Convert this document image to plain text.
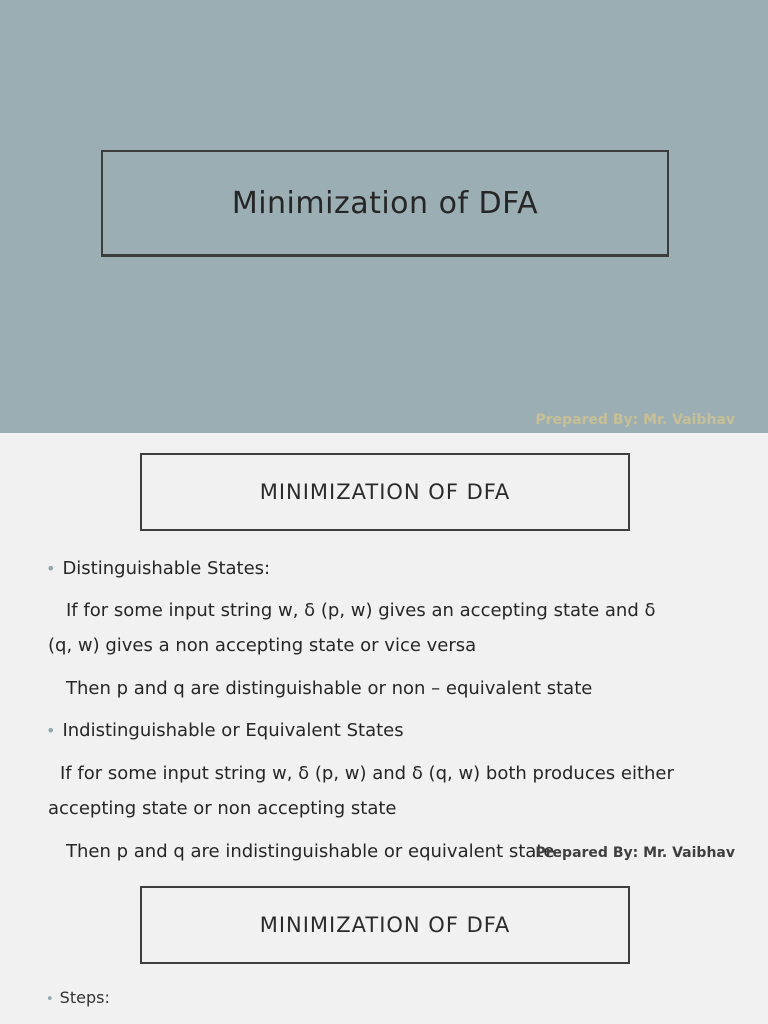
Minimization of DFA
Prepared By: Mr. Vaibhav
MINIMIZATION OF DFA
• Distinguishable States:
If for some input string w, δ (p, w) gives an accepting state and δ
(q, w) gives a non accepting state or vice versa
Then p and q are distinguishable or non – equivalent state
• Indistinguishable or Equivalent States
If for some input string w, δ (p, w) and δ (q, w) both produces either
accepting state or non accepting state
Then p and q are indistinguishable or equivalent state
Prepared By: Mr. Vaibhav
MINIMIZATION OF DFA
• Steps:
